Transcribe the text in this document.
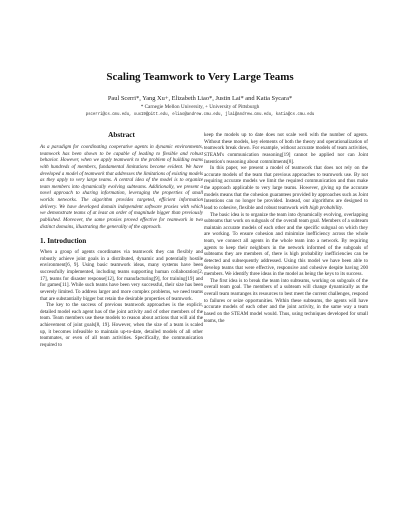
Scaling Teamwork to Very Large Teams
Paul Scerri*, Yang Xu+, Elizabeth Liao*, Justin Lai* and Katia Sycara*
* Carnegie Mellon University, + University of Pittsburgh
pscerri@cs.cmu.edu, xux19@pitt.edu, eliao@andrew.cmu.edu, jlai@andrew.cmu.edu, katia@cs.cmu.edu
Abstract

As a paradigm for coordinating cooperative agents in dynamic environments, teamwork has been shown to be capable of leading to flexible and robust behavior. However, when we apply teamwork to the problem of building teams with hundreds of members, fundamental limitations become evident. We have developed a model of teamwork that addresses the limitations of existing models as they apply to very large teams. A central idea of the model is to organize team members into dynamically evolving subteams. Additionally, we present a novel approach to sharing information, leveraging the properties of small worlds networks. The algorithm provides targeted, efficient information delivery. We have developed domain independent software proxies with which we demonstrate teams of at least an order of magnitude bigger than previously published. Moreover, the same proxies proved effective for teamwork in two distinct domains, illustrating the generality of the approach.

1. Introduction

When a group of agents coordinates via teamwork they can flexibly and robustly achieve joint goals in a distributed, dynamic and potentially hostile environment[6, 9]. Using basic teamwork ideas, many systems have been successfully implemented, including teams supporting human collaboration[2, 17], teams for disaster response[12], for manufacturing[9], for training[19] and for games[11]. While such teams have been very successful, their size has been severely limited. To address larger and more complex problems, we need teams that are substantially bigger but retain the desirable properties of teamwork.

The key to the success of previous teamwork approaches is the explicit, detailed model each agent has of the joint activity and of other members of the team. Team members use these models to reason about actions that will aid the achievement of joint goals[8, 19]. However, when the size of a team is scaled up, it becomes infeasible to maintain up-to-date, detailed models of all other teammates, or even of all team activities. Specifically, the communication required to

keep the models up to date does not scale well with the number of agents. Without these models, key elements of both the theory and operationalization of teamwork break down. For example, without accurate models of team activities, STEAM's communication reasoning[19] cannot be applied nor can Joint Intention's reasoning about commitments[8].

In this paper, we present a model of teamwork that does not rely on the accurate models of the team that previous approaches to teamwork use. By not requiring accurate models we limit the required communication and thus make the approach applicable to very large teams. However, giving up the accurate models means that the cohesion guarantees provided by approaches such as Joint Intentions can no longer be provided. Instead, our algorithms are designed to lead to cohesive, flexible and robust teamwork with high probability.

The basic idea is to organize the team into dynamically evolving, overlapping subteams that work on subgoals of the overall team goal. Members of a subteam maintain accurate models of each other and the specific subgoal on which they are working. To ensure cohesion and minimize inefficiency across the whole team, we connect all agents in the whole team into a network. By requiring agents to keep their neighbors in the network informed of the subgoals of subteams they are members of, there is high probability inefficiencies can be detected and subsequently addressed. Using this model we have been able to develop teams that were effective, responsive and cohesive despite having 200 members. We identify three ideas in the model as being the keys to its success.

The first idea is to break the team into subteams, working on subgoals of the overall team goal. The members of a subteam will change dynamically as the overall team rearranges its resources to best meet the current challenges, respond to failures or seize opportunities. Within these subteams, the agents will have accurate models of each other and the joint activity, in the same way a team based on the STEAM model would. Thus, using techniques developed for small teams, the
